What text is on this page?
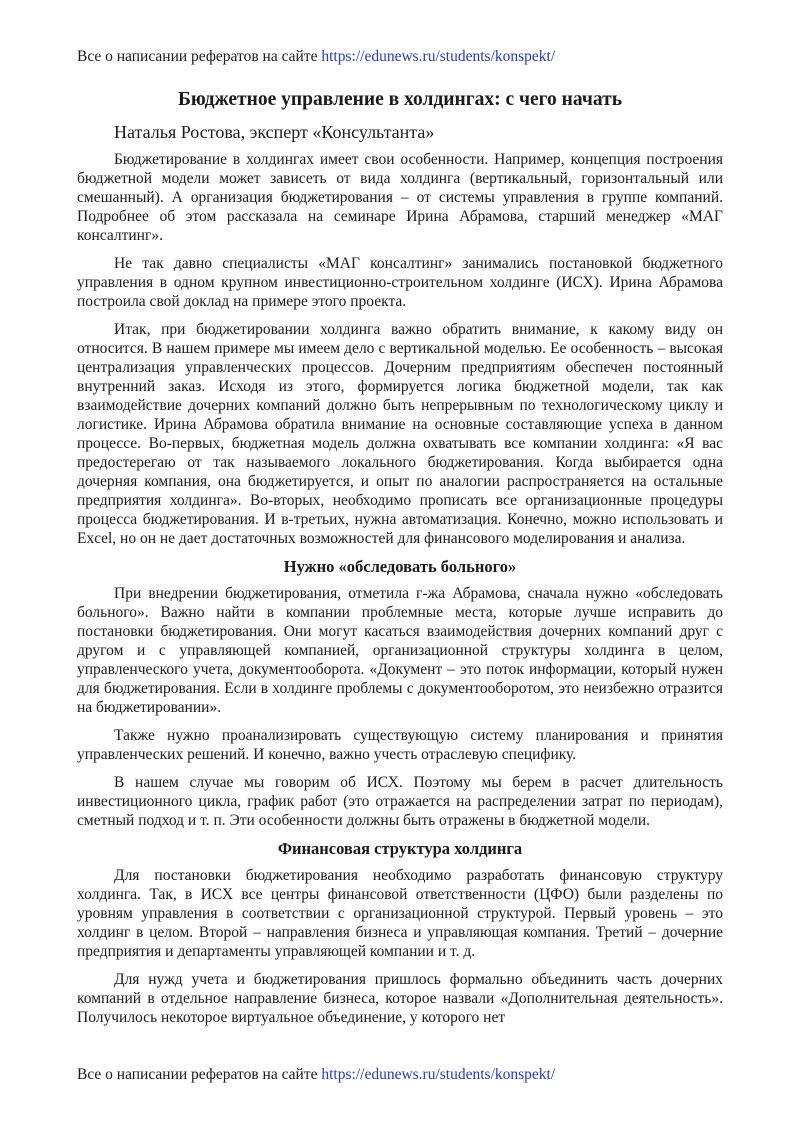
Все о написании рефератов на сайте https://edunews.ru/students/konspekt/
Бюджетное управление в холдингах: с чего начать
Наталья Ростова, эксперт «Консультанта»

Бюджетирование в холдингах имеет свои особенности. Например, концепция построения бюджетной модели может зависеть от вида холдинга (вертикальный, горизонтальный или смешанный). А организация бюджетирования – от системы управления в группе компаний. Подробнее об этом рассказала на семинаре Ирина Абрамова, старший менеджер «МАГ консалтинг».

Не так давно специалисты «МАГ консалтинг» занимались постановкой бюджетного управления в одном крупном инвестиционно-строительном холдинге (ИСХ). Ирина Абрамова построила свой доклад на примере этого проекта.

Итак, при бюджетировании холдинга важно обратить внимание, к какому виду он относится. В нашем примере мы имеем дело с вертикальной моделью. Ее особенность – высокая централизация управленческих процессов. Дочерним предприятиям обеспечен постоянный внутренний заказ. Исходя из этого, формируется логика бюджетной модели, так как взаимодействие дочерних компаний должно быть непрерывным по технологическому циклу и логистике. Ирина Абрамова обратила внимание на основные составляющие успеха в данном процессе. Во-первых, бюджетная модель должна охватывать все компании холдинга: «Я вас предостерегаю от так называемого локального бюджетирования. Когда выбирается одна дочерняя компания, она бюджетируется, и опыт по аналогии распространяется на остальные предприятия холдинга». Во-вторых, необходимо прописать все организационные процедуры процесса бюджетирования. И в-третьих, нужна автоматизация. Конечно, можно использовать и Excel, но он не дает достаточных возможностей для финансового моделирования и анализа.

Нужно «обследовать больного»

При внедрении бюджетирования, отметила г-жа Абрамова, сначала нужно «обследовать больного». Важно найти в компании проблемные места, которые лучше исправить до постановки бюджетирования. Они могут касаться взаимодействия дочерних компаний друг с другом и с управляющей компанией, организационной структуры холдинга в целом, управленческого учета, документооборота. «Документ – это поток информации, который нужен для бюджетирования. Если в холдинге проблемы с документооборотом, это неизбежно отразится на бюджетировании».

Также нужно проанализировать существующую систему планирования и принятия управленческих решений. И конечно, важно учесть отраслевую специфику.

В нашем случае мы говорим об ИСХ. Поэтому мы берем в расчет длительность инвестиционного цикла, график работ (это отражается на распределении затрат по периодам), сметный подход и т. п. Эти особенности должны быть отражены в бюджетной модели.

Финансовая структура холдинга

Для постановки бюджетирования необходимо разработать финансовую структуру холдинга. Так, в ИСХ все центры финансовой ответственности (ЦФО) были разделены по уровням управления в соответствии с организационной структурой. Первый уровень – это холдинг в целом. Второй – направления бизнеса и управляющая компания. Третий – дочерние предприятия и департаменты управляющей компании и т. д.

Для нужд учета и бюджетирования пришлось формально объединить часть дочерних компаний в отдельное направление бизнеса, которое назвали «Дополнительная деятельность». Получилось некоторое виртуальное объединение, у которого нет

Все о написании рефератов на сайте https://edunews.ru/students/konspekt/
